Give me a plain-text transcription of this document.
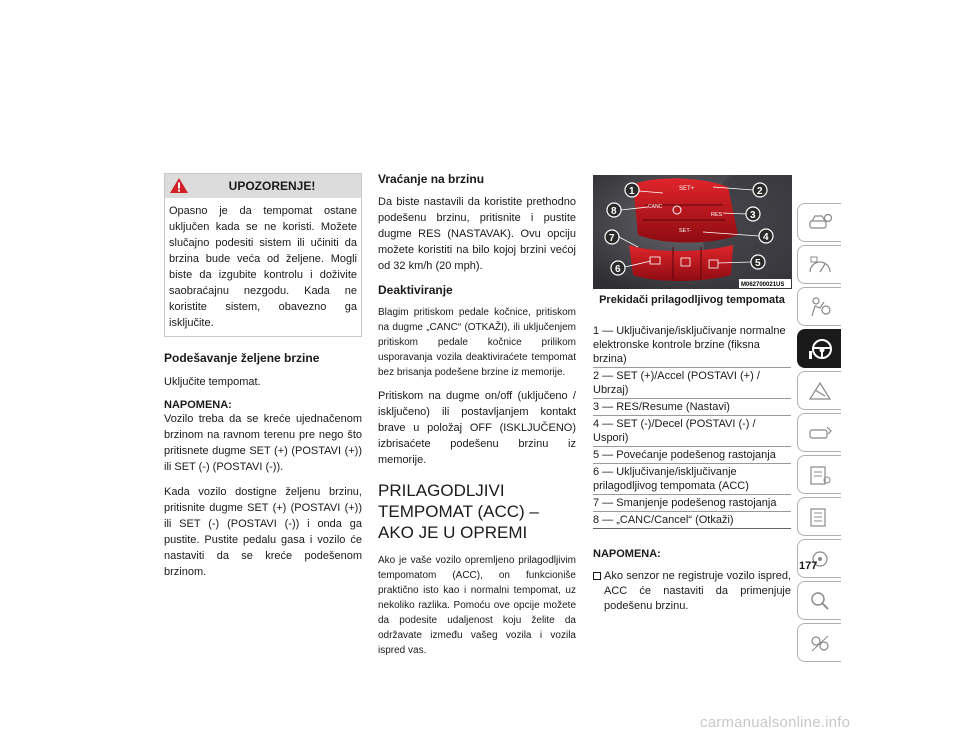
UPOZORENJE!
Opasno je da tempomat ostane uključen kada se ne koristi. Možete slučajno podesiti sistem ili učiniti da brzina bude veća od željene. Mogli biste da izgubite kontrolu i doživite saobraćajnu nezgodu. Kada ne koristite sistem, obavezno ga isključite.
Podešavanje željene brzine

Uključite tempomat.

NAPOMENA:

Vozilo treba da se kreće ujednačenom brzinom na ravnom terenu pre nego što pritisnete dugme SET (+) (POSTAVI (+)) ili SET (-) (POSTAVI (-)).

Kada vozilo dostigne željenu brzinu, pritisnite dugme SET (+) (POSTAVI (+)) ili SET (-) (POSTAVI (-)) i onda ga pustite. Pustite pedalu gasa i vozilo će nastaviti da se kreće podešenom brzinom.

Vraćanje na brzinu

Da biste nastavili da koristite prethodno podešenu brzinu, pritisnite i pustite dugme RES (NASTAVAK). Ovu opciju možete koristiti na bilo kojoj brzini većoj od 32 km/h (20 mph).

Deaktiviranje

Blagim pritiskom pedale kočnice, pritiskom na dugme „CANC“ (OTKAŽI), ili uključenjem pritiskom pedale kočnice prilikom usporavanja vozila deaktiviraćete tempomat bez brisanja podešene brzine iz memorije.

Pritiskom na dugme on/off (uključeno / isključeno) ili postavljanjem kontakt brave u položaj OFF (ISKLJUČENO) izbrisaćete podešenu brzinu iz memorije.

PRILAGODLJIVI TEMPOMAT (ACC) – AKO JE U OPREMI

Ako je vaše vozilo opremljeno prilagodljivim tempomatom (ACC), on funkcioniše praktično isto kao i normalni tempomat, uz nekoliko razlika. Pomoću ove opcije možete da podesite udaljenost koju želite da održavate između vašeg vozila i vozila ispred vas.

SET+
CANC
RES
SET-
1	2
3
4
5
6
7
8
M062700021US
Prekidači prilagodljivog tempomata
1 — Uključivanje/isključivanje normalne elektronske kontrole brzine (fiksna brzina)
2 — SET (+)/Accel (POSTAVI (+) / Ubrzaj)
3 — RES/Resume (Nastavi)
4 — SET (-)/Decel (POSTAVI (-) / Uspori)
5 — Povećanje podešenog rastojanja
6 — Uključivanje/isključivanje prilagodljivog tempomata (ACC)
7 — Smanjenje podešenog rastojanja
8 — „CANC/Cancel“ (Otkaži)
NAPOMENA:
Ako senzor ne registruje vozilo ispred, ACC će nastaviti da primenjuje podešenu brzinu.
177
carmanualsonline.info
